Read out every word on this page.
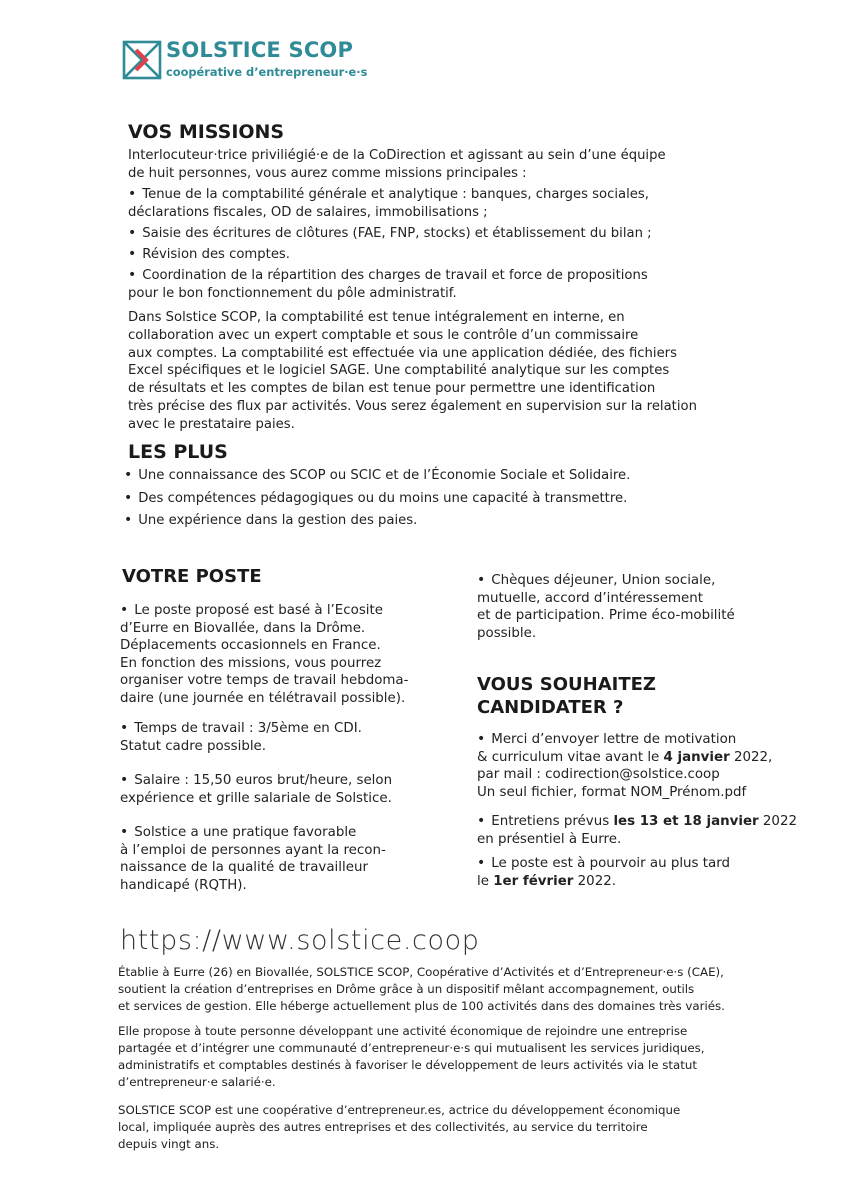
SOLSTICE SCOP
coopérative d’entrepreneur·e·s
VOS MISSIONS
Interlocuteur·trice priviliégié·e de la CoDirection et agissant au sein d’une équipe
de huit personnes, vous aurez comme missions principales :
• Tenue de la comptabilité générale et analytique : banques, charges sociales,
déclarations fiscales, OD de salaires, immobilisations ;
• Saisie des écritures de clôtures (FAE, FNP, stocks) et établissement du bilan ;
• Révision des comptes.
• Coordination de la répartition des charges de travail et force de propositions
pour le bon fonctionnement du pôle administratif.
Dans Solstice SCOP, la comptabilité est tenue intégralement en interne, en
collaboration avec un expert comptable et sous le contrôle d’un commissaire
aux comptes. La comptabilité est effectuée via une application dédiée, des fichiers
Excel spécifiques et le logiciel SAGE. Une comptabilité analytique sur les comptes
de résultats et les comptes de bilan est tenue pour permettre une identification
très précise des flux par activités. Vous serez également en supervision sur la relation
avec le prestataire paies.
LES PLUS
• Une connaissance des SCOP ou SCIC et de l’Économie Sociale et Solidaire.
• Des compétences pédagogiques ou du moins une capacité à transmettre.
• Une expérience dans la gestion des paies.
VOTRE POSTE
• Le poste proposé est basé à l’Ecosite
d’Eurre en Biovallée, dans la Drôme.
Déplacements occasionnels en France.
En fonction des missions, vous pourrez
organiser votre temps de travail hebdoma-
daire (une journée en télétravail possible).
• Temps de travail : 3/5ème en CDI.
Statut cadre possible.
• Salaire : 15,50 euros brut/heure, selon
expérience et grille salariale de Solstice.
• Solstice a une pratique favorable
à l’emploi de personnes ayant la recon-
naissance de la qualité de travailleur
handicapé (RQTH).
• Chèques déjeuner, Union sociale,
mutuelle, accord d’intéressement
et de participation. Prime éco-mobilité
possible.
VOUS SOUHAITEZ
CANDIDATER ?
• Merci d’envoyer lettre de motivation
& curriculum vitae avant le 4 janvier 2022,
par mail : codirection@solstice.coop
Un seul fichier, format NOM_Prénom.pdf
• Entretiens prévus les 13 et 18 janvier 2022
en présentiel à Eurre.
• Le poste est à pourvoir au plus tard
le 1er février 2022.
https://www.solstice.coop
Établie à Eurre (26) en Biovallée, SOLSTICE SCOP, Coopérative d’Activités et d’Entrepreneur·e·s (CAE),
soutient la création d’entreprises en Drôme grâce à un dispositif mêlant accompagnement, outils
et services de gestion. Elle héberge actuellement plus de 100 activités dans des domaines très variés.
Elle propose à toute personne développant une activité économique de rejoindre une entreprise
partagée et d’intégrer une communauté d’entrepreneur·e·s qui mutualisent les services juridiques,
administratifs et comptables destinés à favoriser le développement de leurs activités via le statut
d’entrepreneur·e salarié·e.
SOLSTICE SCOP est une coopérative d’entrepreneur.es, actrice du développement économique
local, impliquée auprès des autres entreprises et des collectivités, au service du territoire
depuis vingt ans.
